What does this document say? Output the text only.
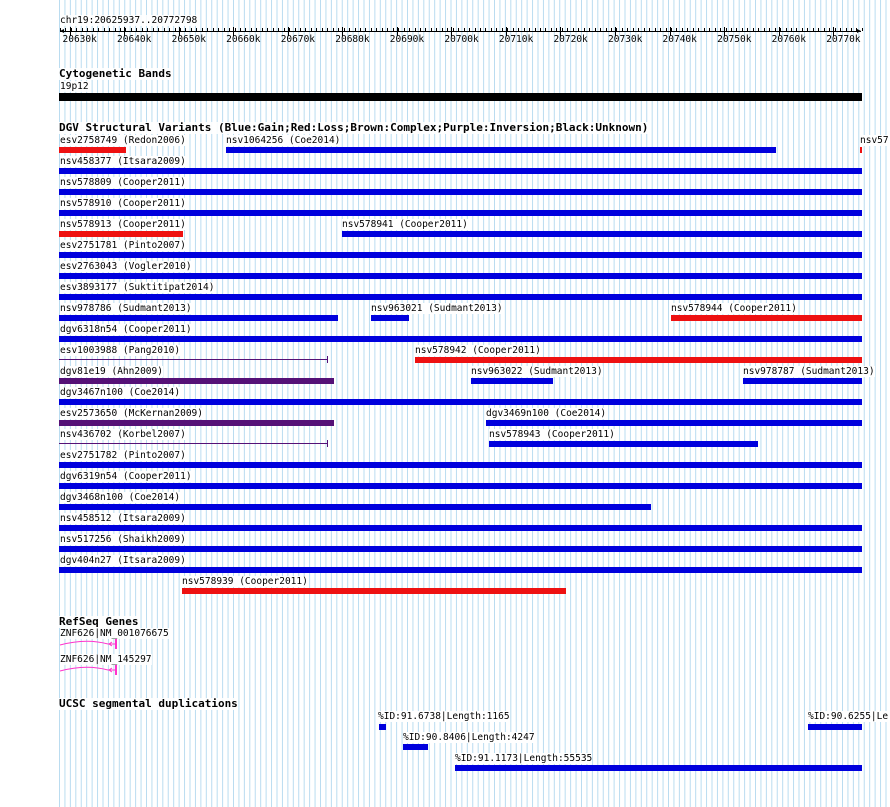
chr19:20625937..20772798
20630k 20640k 20650k 20660k 20670k 20680k 20690k 20700k 20710k 20720k 20730k 20740k 20750k 20760k 20770k
Cytogenetic Bands
19p12
DGV Structural Variants (Blue:Gain;Red:Loss;Brown:Complex;Purple:Inversion;Black:Unknown)
esv2758749 (Redon2006)	nsv1064256 (Coe2014)	nsv57
nsv458377 (Itsara2009)
nsv578809 (Cooper2011)
nsv578910 (Cooper2011)
nsv578913 (Cooper2011)	nsv578941 (Cooper2011)
esv2751781 (Pinto2007)
esv2763043 (Vogler2010)
esv3893177 (Suktitipat2014)
nsv978786 (Sudmant2013)	nsv963021 (Sudmant2013)	nsv578944 (Cooper2011)
dgv6318n54 (Cooper2011)
esv1003988 (Pang2010)	nsv578942 (Cooper2011)
dgv81e19 (Ahn2009)	nsv963022 (Sudmant2013)	nsv978787 (Sudmant2013)
dgv3467n100 (Coe2014)
esv2573650 (McKernan2009)	dgv3469n100 (Coe2014)
nsv436702 (Korbel2007)	nsv578943 (Cooper2011)
esv2751782 (Pinto2007)
dgv6319n54 (Cooper2011)
dgv3468n100 (Coe2014)
nsv458512 (Itsara2009)
nsv517256 (Shaikh2009)
dgv404n27 (Itsara2009)
nsv578939 (Cooper2011)
RefSeq Genes
ZNF626|NM_001076675
ZNF626|NM_145297
UCSC segmental duplications
%ID:91.6738|Length:1165	%ID:90.6255|Le
%ID:90.8406|Length:4247
%ID:91.1173|Length:55535
